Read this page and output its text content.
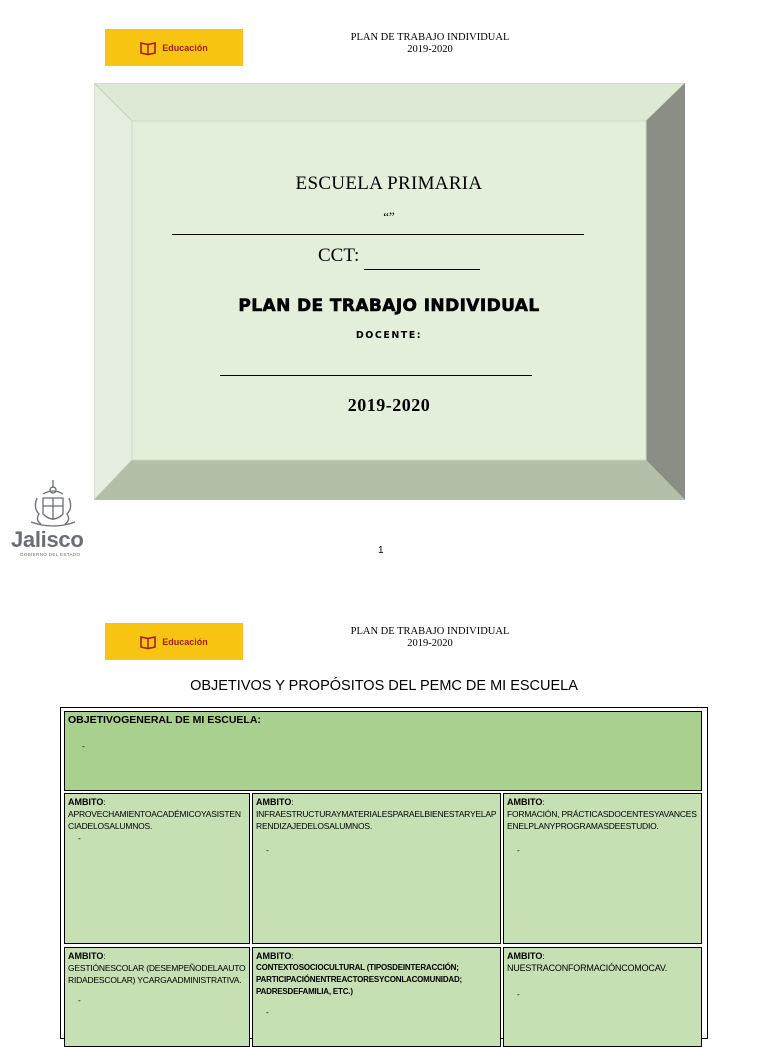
Educación
PLAN DE TRABAJO INDIVIDUAL
2019-2020
ESCUELA PRIMARIA
“”
CCT:
PLAN DE TRABAJO INDIVIDUAL
DOCENTE:
2019-2020
Jalisco
GOBIERNO DEL ESTADO	1
Educación
PLAN DE TRABAJO INDIVIDUAL
2019-2020
OBJETIVOS Y PROPÓSITOS DEL PEMC DE MI ESCUELA
OBJETIVOGENERAL DE MI ESCUELA:
-
AMBITO:
APROVECHAMIENTOACADÉMICOYASISTENCIADELOSALUMNOS.
-
AMBITO:
INFRAESTRUCTURAYMATERIALESPARAELBIENESTARYELAPRENDIZAJEDELOSALUMNOS.
-
AMBITO:
FORMACIÓN, PRÁCTICASDOCENTESYAVANCESENELPLANYPROGRAMASDEESTUDIO.
-
AMBITO:
GESTIÓNESCOLAR (DESEMPEÑODELAAUTORIDADESCOLAR) YCARGAADMINISTRATIVA.
-
AMBITO:
CONTEXTOSOCIOCULTURAL (TIPOSDEINTERACCIÓN; PARTICIPACIÓNENTREACTORESYCONLACOMUNIDAD; PADRESDEFAMILIA, ETC.)
-
AMBITO:
NUESTRACONFORMACIÓNCOMOCAV.
-
